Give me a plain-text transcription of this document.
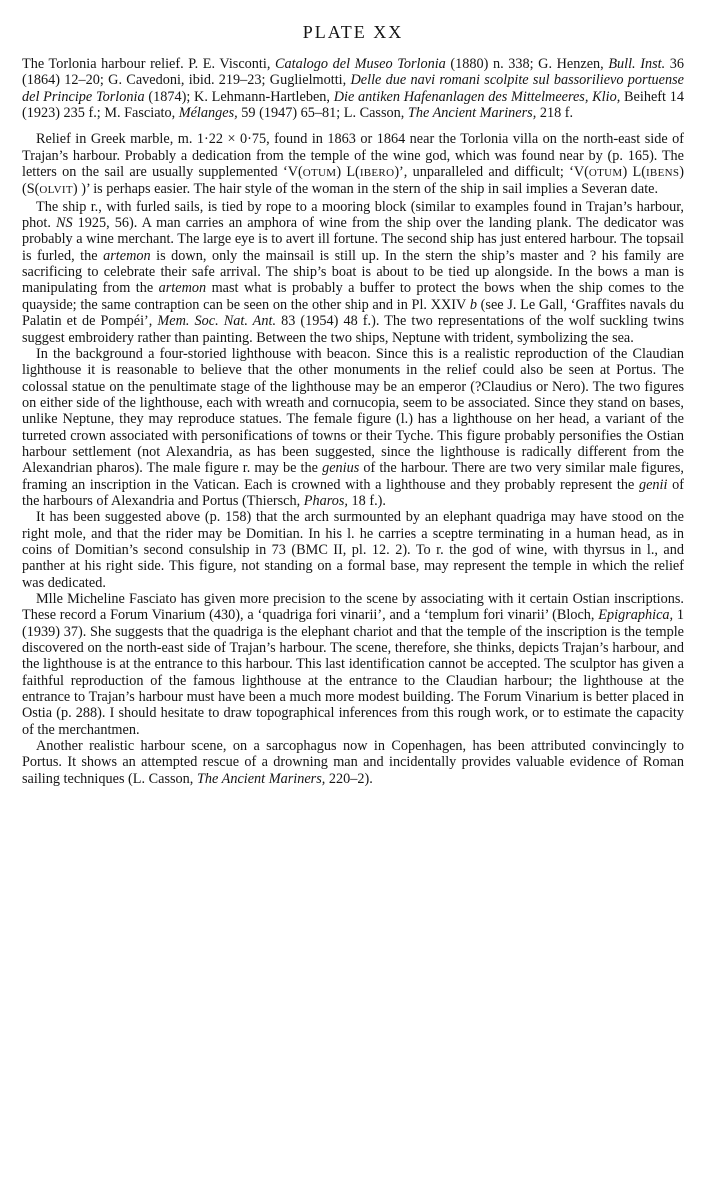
PLATE XX

The Torlonia harbour relief. P. E. Visconti, Catalogo del Museo Torlonia (1880) n. 338; G. Henzen, Bull. Inst. 36 (1864) 12–20; G. Cavedoni, ibid. 219–23; Guglielmotti, Delle due navi romani scolpite sul bassorilievo portuense del Principe Torlonia (1874); K. Lehmann-Hartleben, Die antiken Hafenanlagen des Mittelmeeres, Klio, Beiheft 14 (1923) 235 f.; M. Fasciato, Mélanges, 59 (1947) 65–81; L. Casson, The Ancient Mariners, 218 f.

Relief in Greek marble, m. 1·22 × 0·75, found in 1863 or 1864 near the Torlonia villa on the north-east side of Trajan’s harbour. Probably a dedication from the temple of the wine god, which was found near by (p. 165). The letters on the sail are usually supplemented ‘V(OTUM) L(IBERO)’, unparalleled and difficult; ‘V(OTUM) L(IBENS) (S(OLVIT) )’ is perhaps easier. The hair style of the woman in the stern of the ship in sail implies a Severan date.

The ship r., with furled sails, is tied by rope to a mooring block (similar to examples found in Trajan’s harbour, phot. NS 1925, 56). A man carries an amphora of wine from the ship over the landing plank. The dedicator was probably a wine merchant. The large eye is to avert ill fortune. The second ship has just entered harbour. The topsail is furled, the artemon is down, only the mainsail is still up. In the stern the ship’s master and ? his family are sacrificing to celebrate their safe arrival. The ship’s boat is about to be tied up alongside. In the bows a man is manipulating from the artemon mast what is probably a buffer to protect the bows when the ship comes to the quayside; the same contraption can be seen on the other ship and in Pl. XXIV b (see J. Le Gall, ‘Graffites navals du Palatin et de Pompéi’, Mem. Soc. Nat. Ant. 83 (1954) 48 f.). The two representations of the wolf suckling twins suggest embroidery rather than painting. Between the two ships, Neptune with trident, symbolizing the sea.

In the background a four-storied lighthouse with beacon. Since this is a realistic reproduction of the Claudian lighthouse it is reasonable to believe that the other monuments in the relief could also be seen at Portus. The colossal statue on the penultimate stage of the lighthouse may be an emperor (?Claudius or Nero). The two figures on either side of the lighthouse, each with wreath and cornucopia, seem to be associated. Since they stand on bases, unlike Neptune, they may reproduce statues. The female figure (l.) has a lighthouse on her head, a variant of the turreted crown associated with personifications of towns or their Tyche. This figure probably personifies the Ostian harbour settlement (not Alexandria, as has been suggested, since the lighthouse is radically different from the Alexandrian pharos). The male figure r. may be the genius of the harbour. There are two very similar male figures, framing an inscription in the Vatican. Each is crowned with a lighthouse and they probably represent the genii of the harbours of Alexandria and Portus (Thiersch, Pharos, 18 f.).

It has been suggested above (p. 158) that the arch surmounted by an elephant quadriga may have stood on the right mole, and that the rider may be Domitian. In his l. he carries a sceptre terminating in a human head, as in coins of Domitian’s second consulship in 73 (BMC II, pl. 12. 2). To r. the god of wine, with thyrsus in l., and panther at his right side. This figure, not standing on a formal base, may represent the temple in which the relief was dedicated.

Mlle Micheline Fasciato has given more precision to the scene by associating with it certain Ostian inscriptions. These record a Forum Vinarium (430), a ‘quadriga fori vinarii’, and a ‘templum fori vinarii’ (Bloch, Epigraphica, 1 (1939) 37). She suggests that the quadriga is the elephant chariot and that the temple of the inscription is the temple discovered on the north-east side of Trajan’s harbour. The scene, therefore, she thinks, depicts Trajan’s harbour, and the lighthouse is at the entrance to this harbour. This last identification cannot be accepted. The sculptor has given a faithful reproduction of the famous lighthouse at the entrance to the Claudian harbour; the lighthouse at the entrance to Trajan’s harbour must have been a much more modest building. The Forum Vinarium is better placed in Ostia (p. 288). I should hesitate to draw topographical inferences from this rough work, or to estimate the capacity of the merchantmen.

Another realistic harbour scene, on a sarcophagus now in Copenhagen, has been attributed convincingly to Portus. It shows an attempted rescue of a drowning man and incidentally provides valuable evidence of Roman sailing techniques (L. Casson, The Ancient Mariners, 220–2).
